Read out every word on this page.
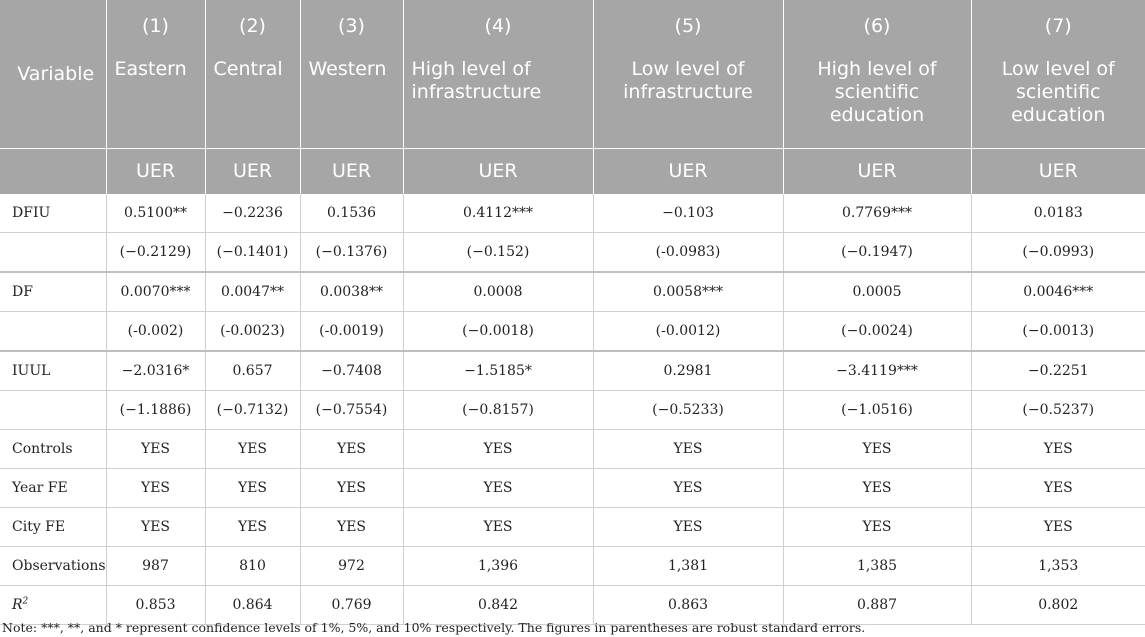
Variable	(1)	(2)	(3)	(4)	(5)	(6)	(7)
	Eastern	Central	Western	High level of infrastructure	Low level of infrastructure	High level of scientific education	Low level of scientific education
	UER	UER	UER	UER	UER	UER	UER
DFIU	0.5100**	−0.2236	0.1536	0.4112***	−0.103	0.7769***	0.0183
	(−0.2129)	(−0.1401)	(−0.1376)	(−0.152)	(-0.0983)	(−0.1947)	(−0.0993)
DF	0.0070***	0.0047**	0.0038**	0.0008	0.0058***	0.0005	0.0046***
	(-0.002)	(-0.0023)	(-0.0019)	(−0.0018)	(-0.0012)	(−0.0024)	(−0.0013)
IUUL	−2.0316*	0.657	−0.7408	−1.5185*	0.2981	−3.4119***	−0.2251
	(−1.1886)	(−0.7132)	(−0.7554)	(−0.8157)	(−0.5233)	(−1.0516)	(−0.5237)
Controls	YES	YES	YES	YES	YES	YES	YES
Year FE	YES	YES	YES	YES	YES	YES	YES
City FE	YES	YES	YES	YES	YES	YES	YES
Observations	987	810	972	1,396	1,381	1,385	1,353
$R^2$	0.853	0.864	0.769	0.842	0.863	0.887	0.802
Note: ***, **, and * represent confidence levels of 1%, 5%, and 10% respectively. The figures in parentheses are robust standard errors.
